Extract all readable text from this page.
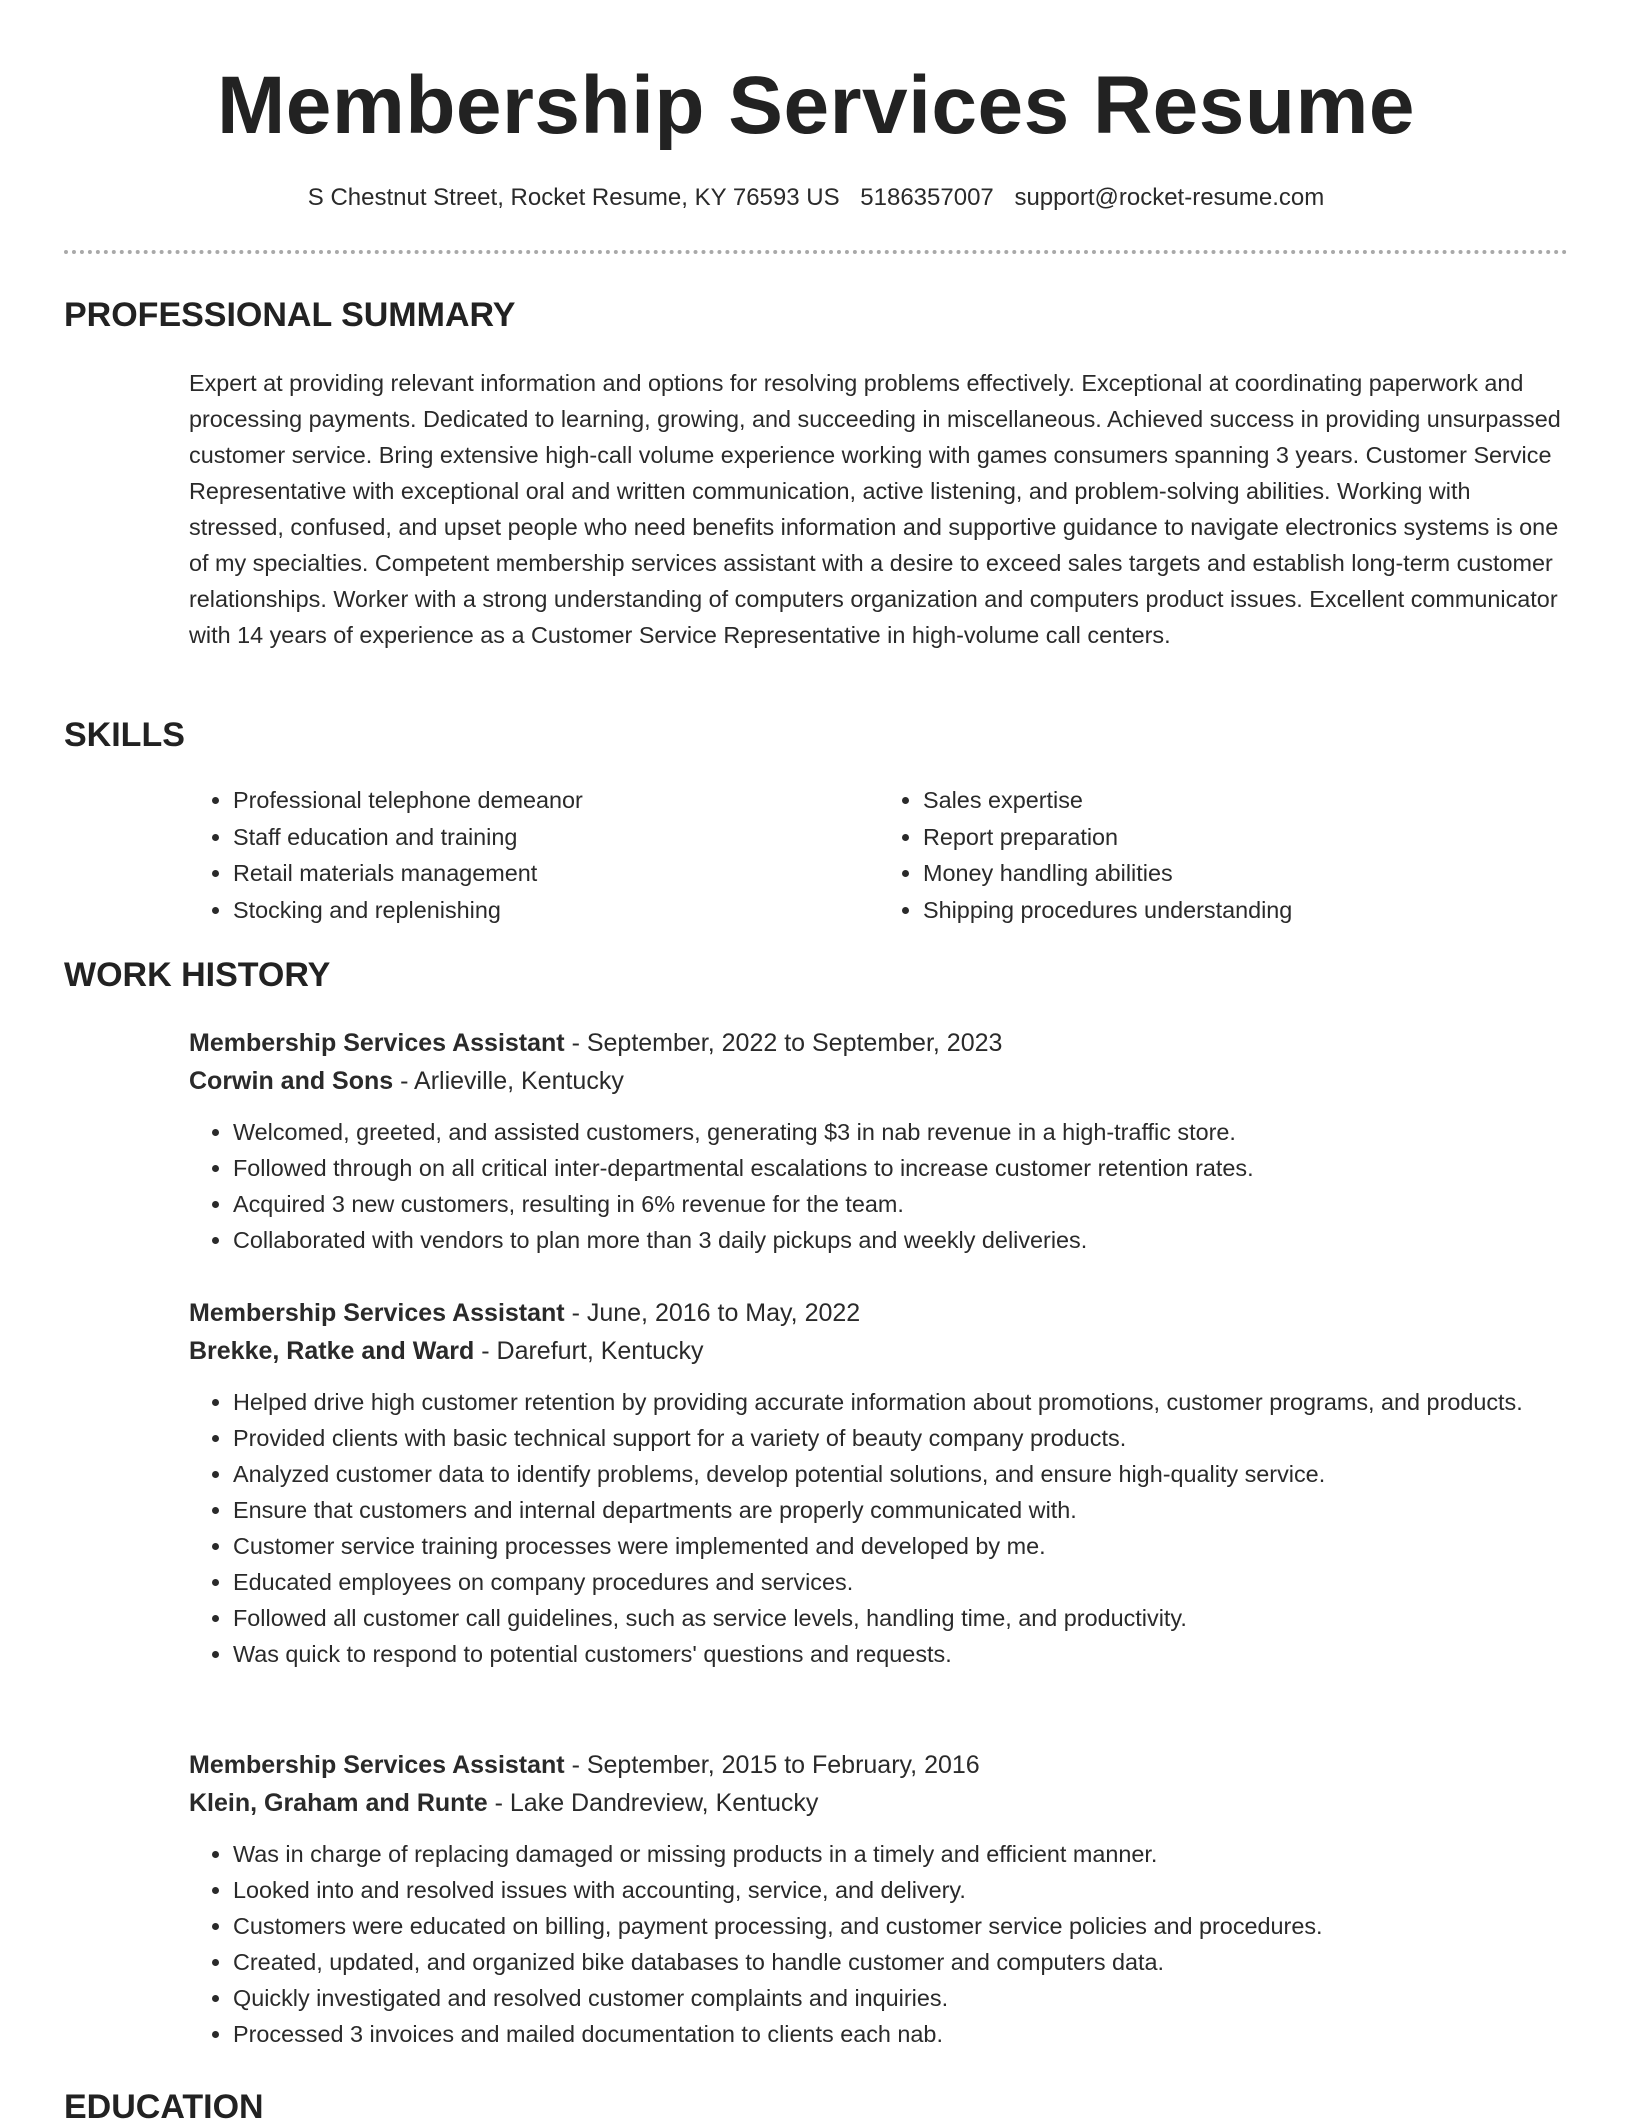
Membership Services Resume
S Chestnut Street, Rocket Resume, KY 76593 US 5186357007 support@rocket-resume.com
PROFESSIONAL SUMMARY

Expert at providing relevant information and options for resolving problems effectively. Exceptional at coordinating paperwork and processing payments. Dedicated to learning, growing, and succeeding in miscellaneous. Achieved success in providing unsurpassed customer service. Bring extensive high-call volume experience working with games consumers spanning 3 years. Customer Service Representative with exceptional oral and written communication, active listening, and problem-solving abilities. Working with stressed, confused, and upset people who need benefits information and supportive guidance to navigate electronics systems is one of my specialties. Competent membership services assistant with a desire to exceed sales targets and establish long-term customer relationships. Worker with a strong understanding of computers organization and computers product issues. Excellent communicator with 14 years of experience as a Customer Service Representative in high-volume call centers.

SKILLS
• Professional telephone demeanor
• Staff education and training
• Retail materials management
• Stocking and replenishing
• Sales expertise
• Report preparation
• Money handling abilities
• Shipping procedures understanding
WORK HISTORY

Membership Services Assistant - September, 2022 to September, 2023

Corwin and Sons - Arlieville, Kentucky

• Welcomed, greeted, and assisted customers, generating $3 in nab revenue in a high-traffic store.
• Followed through on all critical inter-departmental escalations to increase customer retention rates.
• Acquired 3 new customers, resulting in 6% revenue for the team.
• Collaborated with vendors to plan more than 3 daily pickups and weekly deliveries.

Membership Services Assistant - June, 2016 to May, 2022

Brekke, Ratke and Ward - Darefurt, Kentucky

• Helped drive high customer retention by providing accurate information about promotions, customer programs, and products.
• Provided clients with basic technical support for a variety of beauty company products.
• Analyzed customer data to identify problems, develop potential solutions, and ensure high-quality service.
• Ensure that customers and internal departments are properly communicated with.
• Customer service training processes were implemented and developed by me.
• Educated employees on company procedures and services.
• Followed all customer call guidelines, such as service levels, handling time, and productivity.
• Was quick to respond to potential customers' questions and requests.

Membership Services Assistant - September, 2015 to February, 2016

Klein, Graham and Runte - Lake Dandreview, Kentucky

• Was in charge of replacing damaged or missing products in a timely and efficient manner.
• Looked into and resolved issues with accounting, service, and delivery.
• Customers were educated on billing, payment processing, and customer service policies and procedures.
• Created, updated, and organized bike databases to handle customer and computers data.
• Quickly investigated and resolved customer complaints and inquiries.
• Processed 3 invoices and mailed documentation to clients each nab.
EDUCATION
